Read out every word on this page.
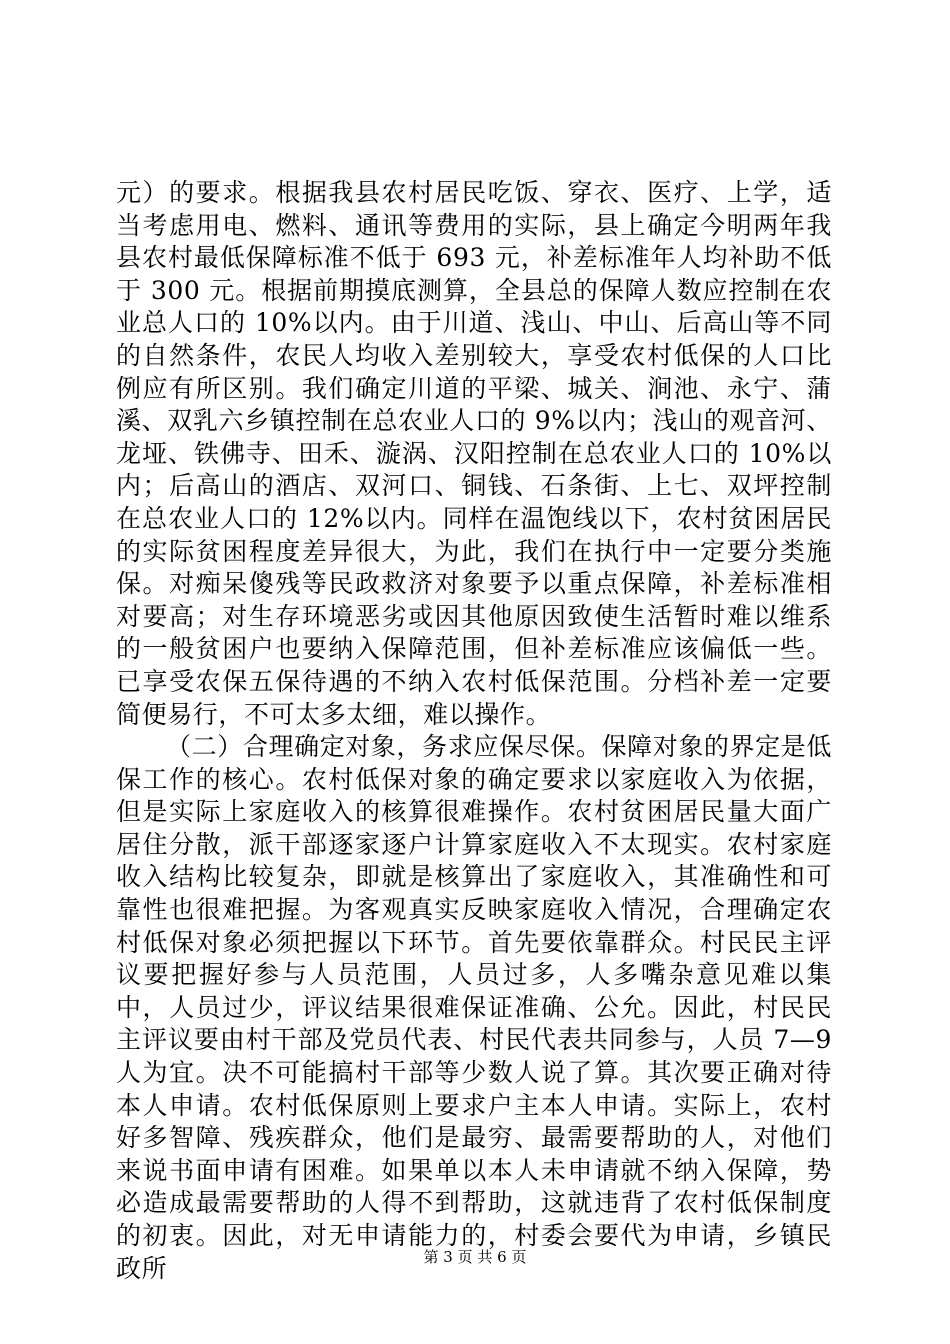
元）的要求。根据我县农村居民吃饭、穿衣、医疗、上学，适当考虑用电、燃料、通讯等费用的实际，县上确定今明两年我县农村最低保障标准不低于 693 元，补差标准年人均补助不低于 300 元。根据前期摸底测算，全县总的保障人数应控制在农业总人口的 10%以内。由于川道、浅山、中山、后高山等不同的自然条件，农民人均收入差别较大，享受农村低保的人口比例应有所区别。我们确定川道的平梁、城关、涧池、永宁、蒲溪、双乳六乡镇控制在总农业人口的 9%以内；浅山的观音河、龙垭、铁佛寺、田禾、漩涡、汉阳控制在总农业人口的 10%以内；后高山的酒店、双河口、铜钱、石条街、上七、双坪控制在总农业人口的 12%以内。同样在温饱线以下，农村贫困居民的实际贫困程度差异很大，为此，我们在执行中一定要分类施保。对痴呆傻残等民政救济对象要予以重点保障，补差标准相对要高；对生存环境恶劣或因其他原因致使生活暂时难以维系的一般贫困户也要纳入保障范围，但补差标准应该偏低一些。已享受农保五保待遇的不纳入农村低保范围。分档补差一定要简便易行，不可太多太细，难以操作。

（二）合理确定对象，务求应保尽保。保障对象的界定是低保工作的核心。农村低保对象的确定要求以家庭收入为依据，但是实际上家庭收入的核算很难操作。农村贫困居民量大面广居住分散，派干部逐家逐户计算家庭收入不太现实。农村家庭收入结构比较复杂，即就是核算出了家庭收入，其准确性和可靠性也很难把握。为客观真实反映家庭收入情况，合理确定农村低保对象必须把握以下环节。首先要依靠群众。村民民主评议要把握好参与人员范围，人员过多，人多嘴杂意见难以集中，人员过少，评议结果很难保证准确、公允。因此，村民民主评议要由村干部及党员代表、村民代表共同参与，人员 7—9 人为宜。决不可能搞村干部等少数人说了算。其次要正确对待本人申请。农村低保原则上要求户主本人申请。实际上，农村好多智障、残疾群众，他们是最穷、最需要帮助的人，对他们来说书面申请有困难。如果单以本人未申请就不纳入保障，势必造成最需要帮助的人得不到帮助，这就违背了农村低保制度的初衷。因此，对无申请能力的，村委会要代为申请，乡镇民政所	第 3 页 共 6 页
